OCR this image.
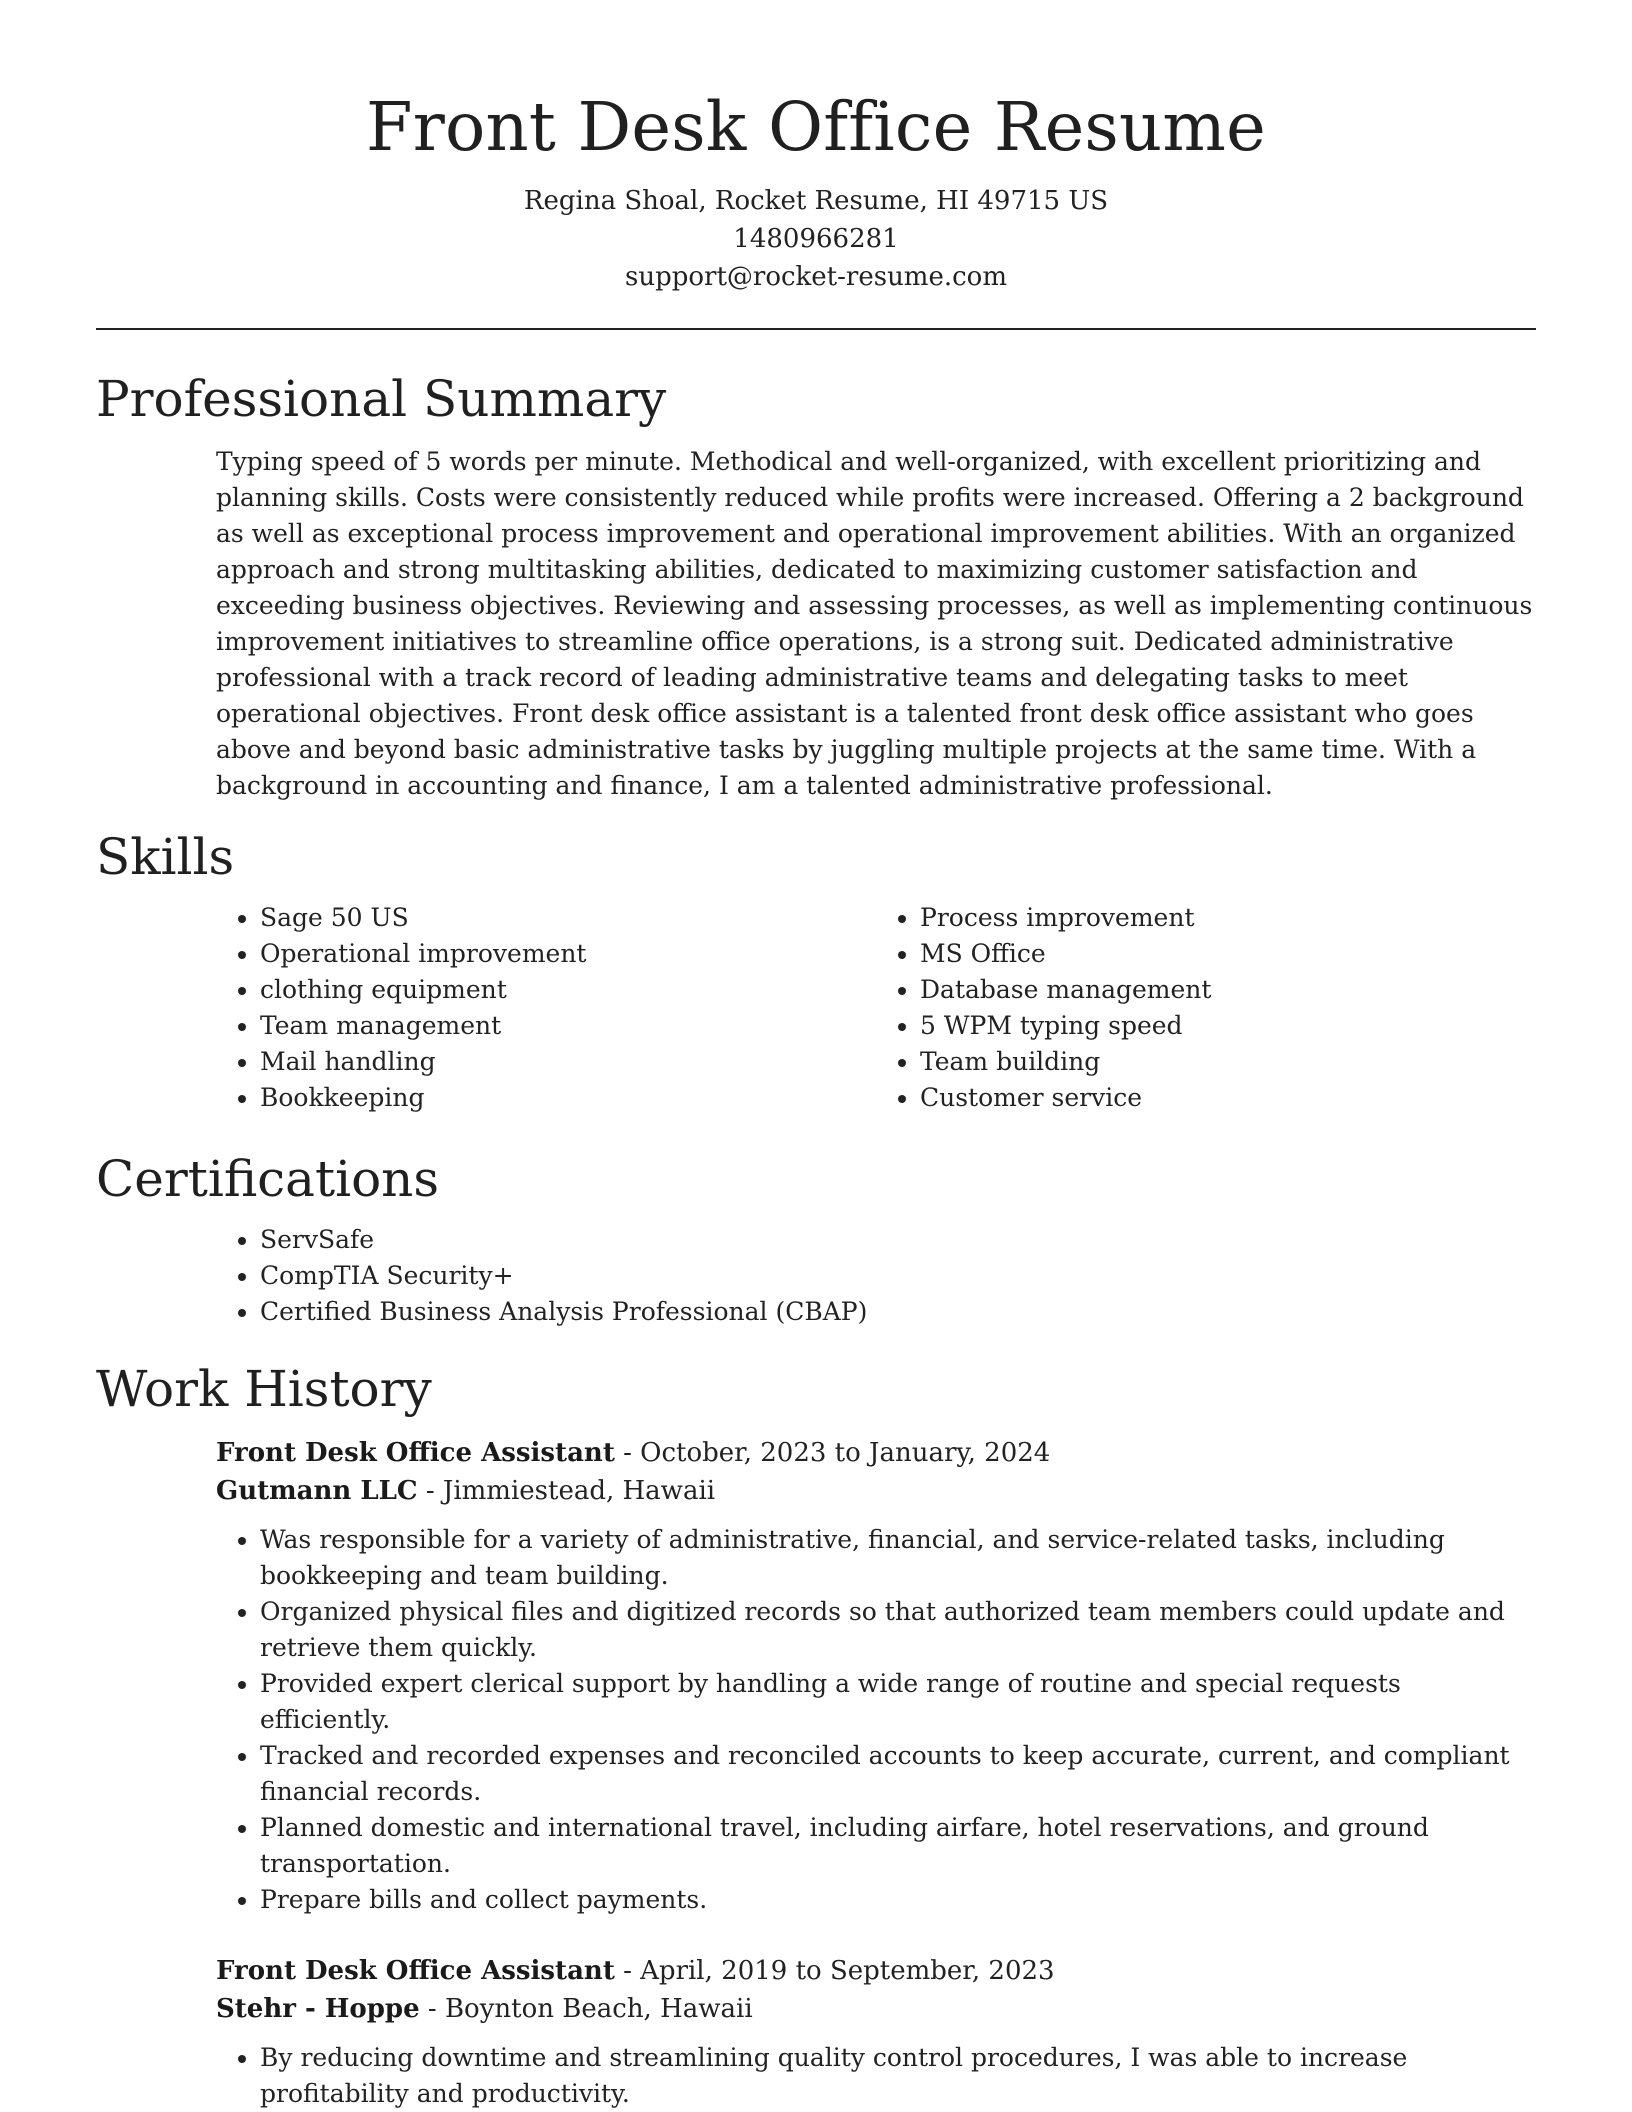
Front Desk Office Resume
Regina Shoal, Rocket Resume, HI 49715 US
1480966281
support@rocket-resume.com
Professional Summary

Typing speed of 5 words per minute. Methodical and well-organized, with excellent prioritizing and planning skills. Costs were consistently reduced while profits were increased. Offering a 2 background as well as exceptional process improvement and operational improvement abilities. With an organized approach and strong multitasking abilities, dedicated to maximizing customer satisfaction and exceeding business objectives. Reviewing and assessing processes, as well as implementing continuous improvement initiatives to streamline office operations, is a strong suit. Dedicated administrative professional with a track record of leading administrative teams and delegating tasks to meet operational objectives. Front desk office assistant is a talented front desk office assistant who goes above and beyond basic administrative tasks by juggling multiple projects at the same time. With a background in accounting and finance, I am a talented administrative professional.

Skills
• Sage 50 US
• Operational improvement
• clothing equipment
• Team management
• Mail handling
• Bookkeeping
• Process improvement
• MS Office
• Database management
• 5 WPM typing speed
• Team building
• Customer service
Certifications
• ServSafe
• CompTIA Security+
• Certified Business Analysis Professional (CBAP)
Work History
Front Desk Office Assistant - October, 2023 to January, 2024
Gutmann LLC - Jimmiestead, Hawaii
• Was responsible for a variety of administrative, financial, and service-related tasks, including bookkeeping and team building.
• Organized physical files and digitized records so that authorized team members could update and retrieve them quickly.
• Provided expert clerical support by handling a wide range of routine and special requests efficiently.
• Tracked and recorded expenses and reconciled accounts to keep accurate, current, and compliant financial records.
• Planned domestic and international travel, including airfare, hotel reservations, and ground transportation.
• Prepare bills and collect payments.
Front Desk Office Assistant - April, 2019 to September, 2023
Stehr - Hoppe - Boynton Beach, Hawaii
• By reducing downtime and streamlining quality control procedures, I was able to increase profitability and productivity.
